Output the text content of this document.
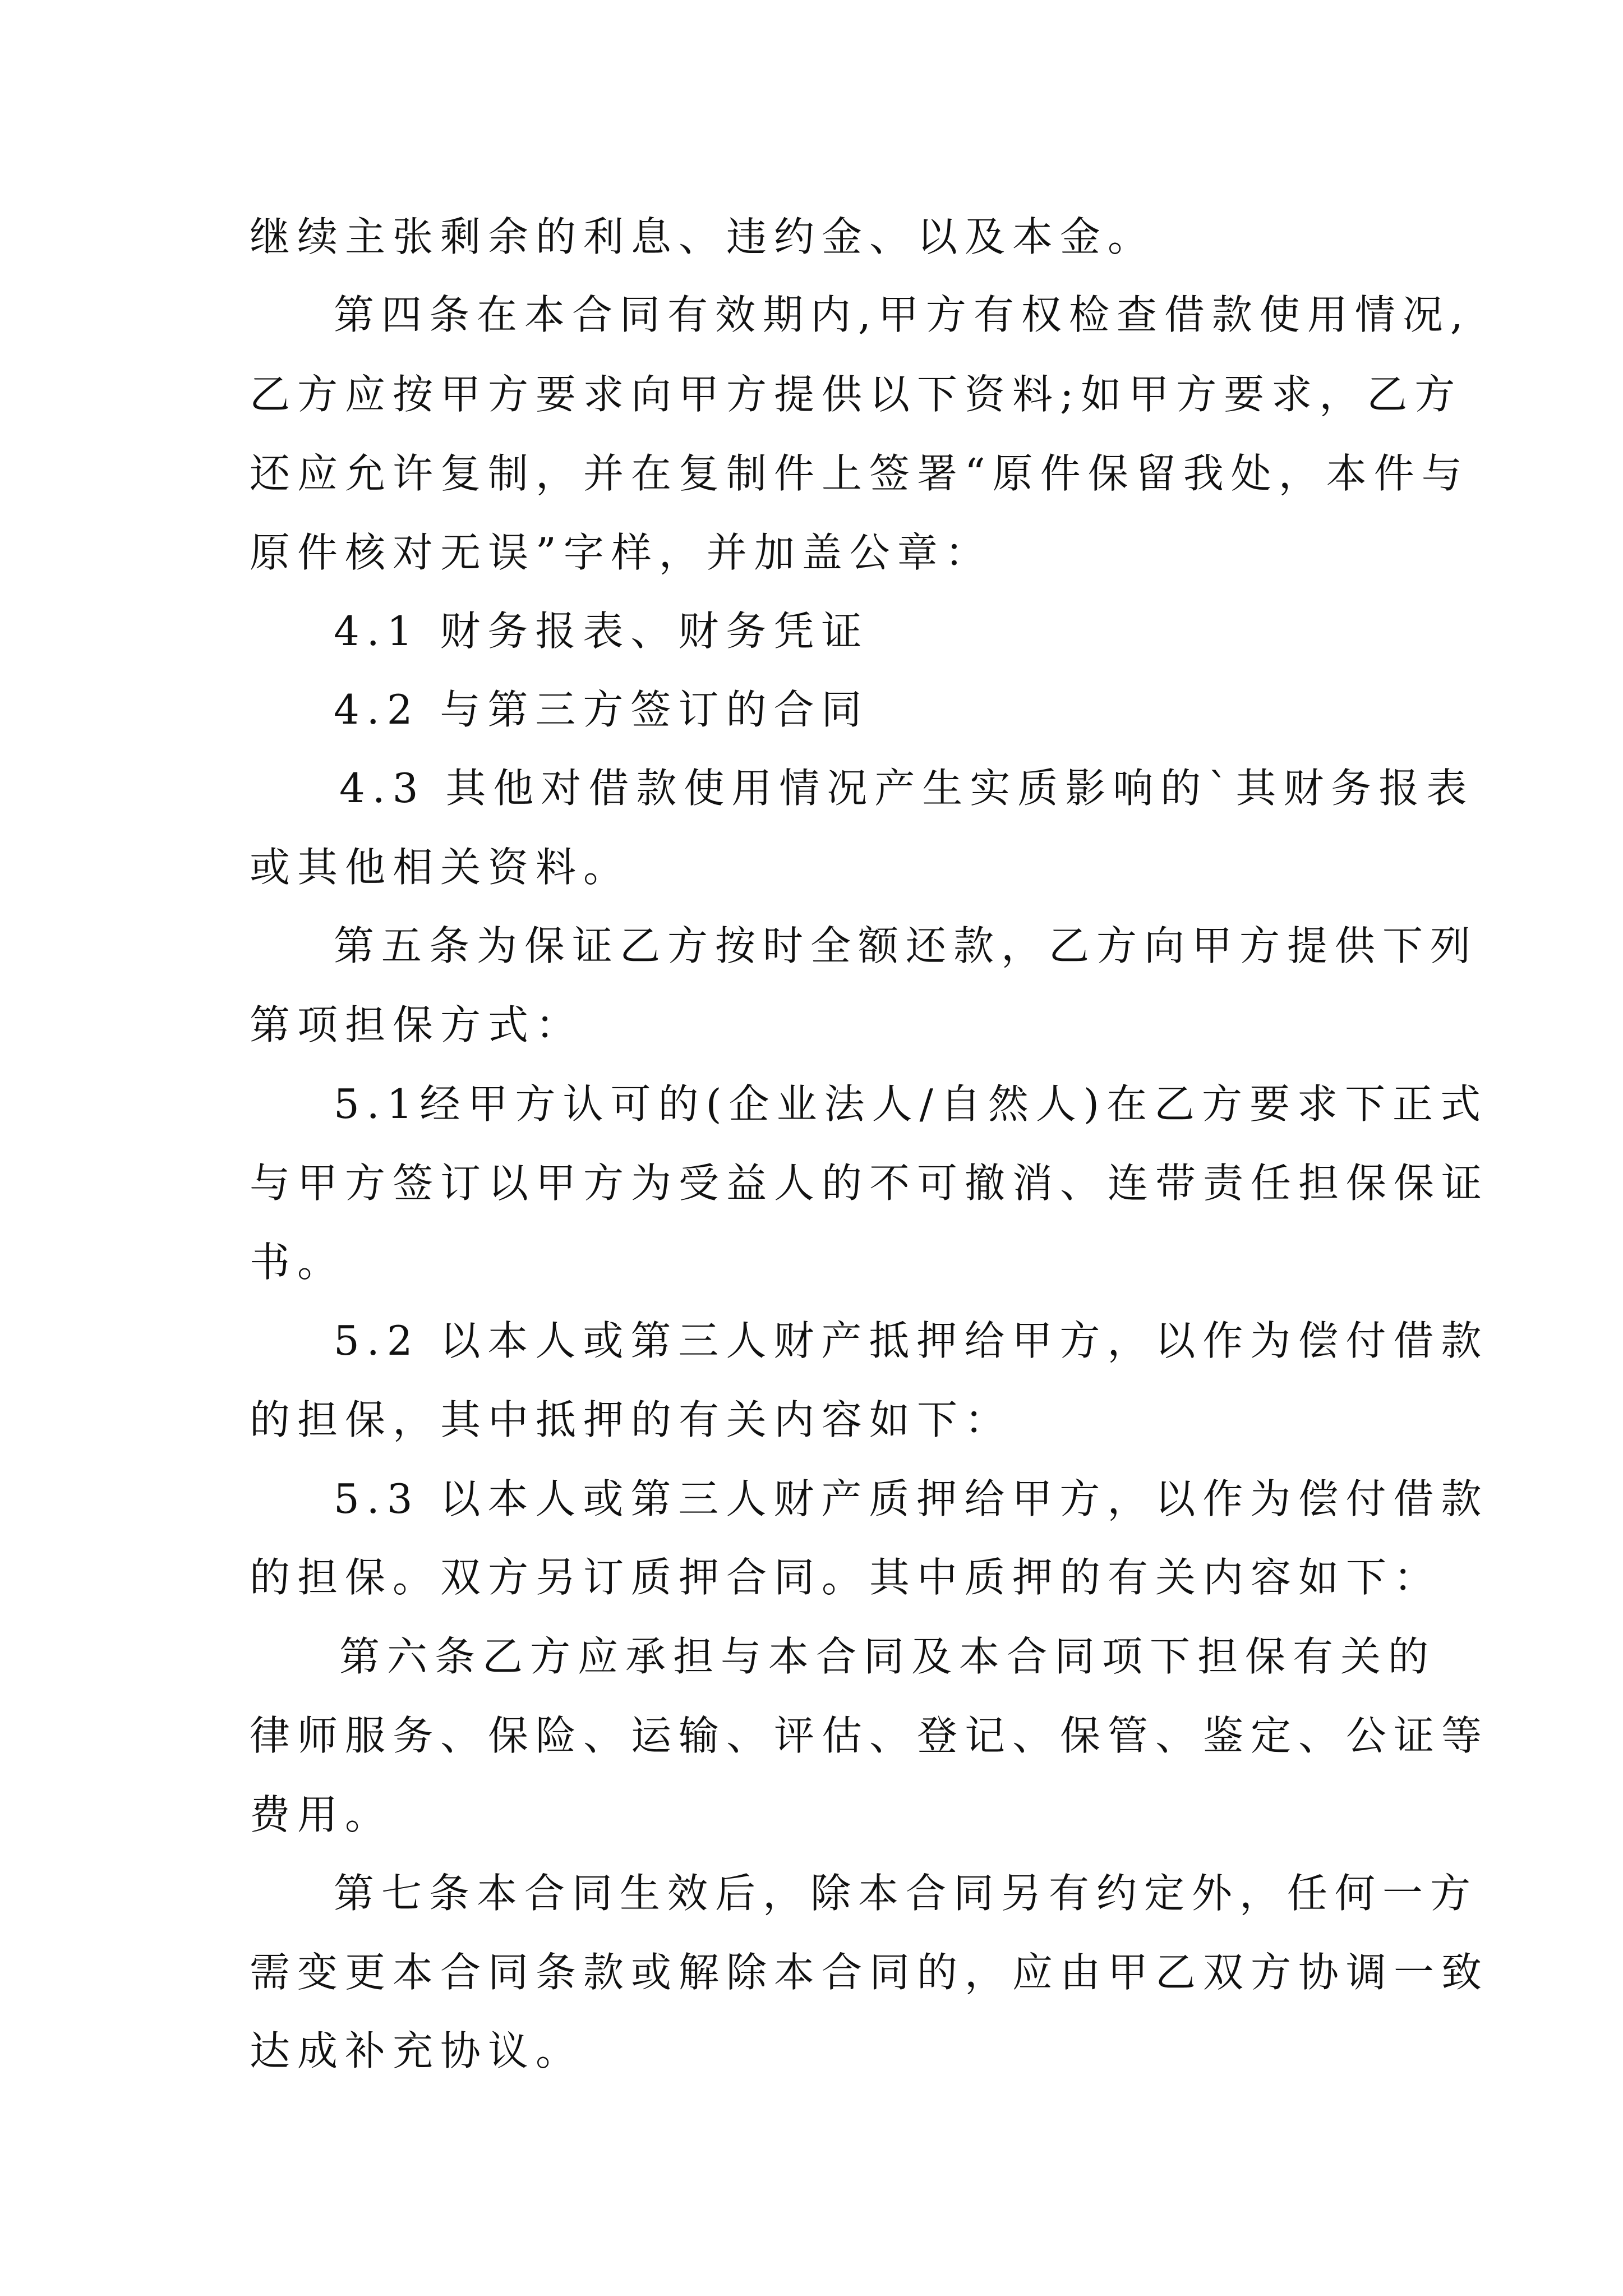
继续主张剩余的利息、违约金、以及本金。
第四条在本合同有效期内,甲方有权检查借款使用情况,
乙方应按甲方要求向甲方提供以下资料;如甲方要求，乙方
还应允许复制，并在复制件上签署“原件保留我处，本件与
原件核对无误”字样，并加盖公章：
4.1 财务报表、财务凭证
4.2 与第三方签订的合同
4.3 其他对借款使用情况产生实质影响的`其财务报表
或其他相关资料。
第五条为保证乙方按时全额还款，乙方向甲方提供下列
第项担保方式：
5.1经甲方认可的(企业法人/自然人)在乙方要求下正式
与甲方签订以甲方为受益人的不可撤消、连带责任担保保证
书。
5.2 以本人或第三人财产抵押给甲方，以作为偿付借款
的担保，其中抵押的有关内容如下：
5.3 以本人或第三人财产质押给甲方，以作为偿付借款
的担保。双方另订质押合同。其中质押的有关内容如下：
第六条乙方应承担与本合同及本合同项下担保有关的
律师服务、保险、运输、评估、登记、保管、鉴定、公证等
费用。
第七条本合同生效后，除本合同另有约定外，任何一方
需变更本合同条款或解除本合同的，应由甲乙双方协调一致
达成补充协议。
